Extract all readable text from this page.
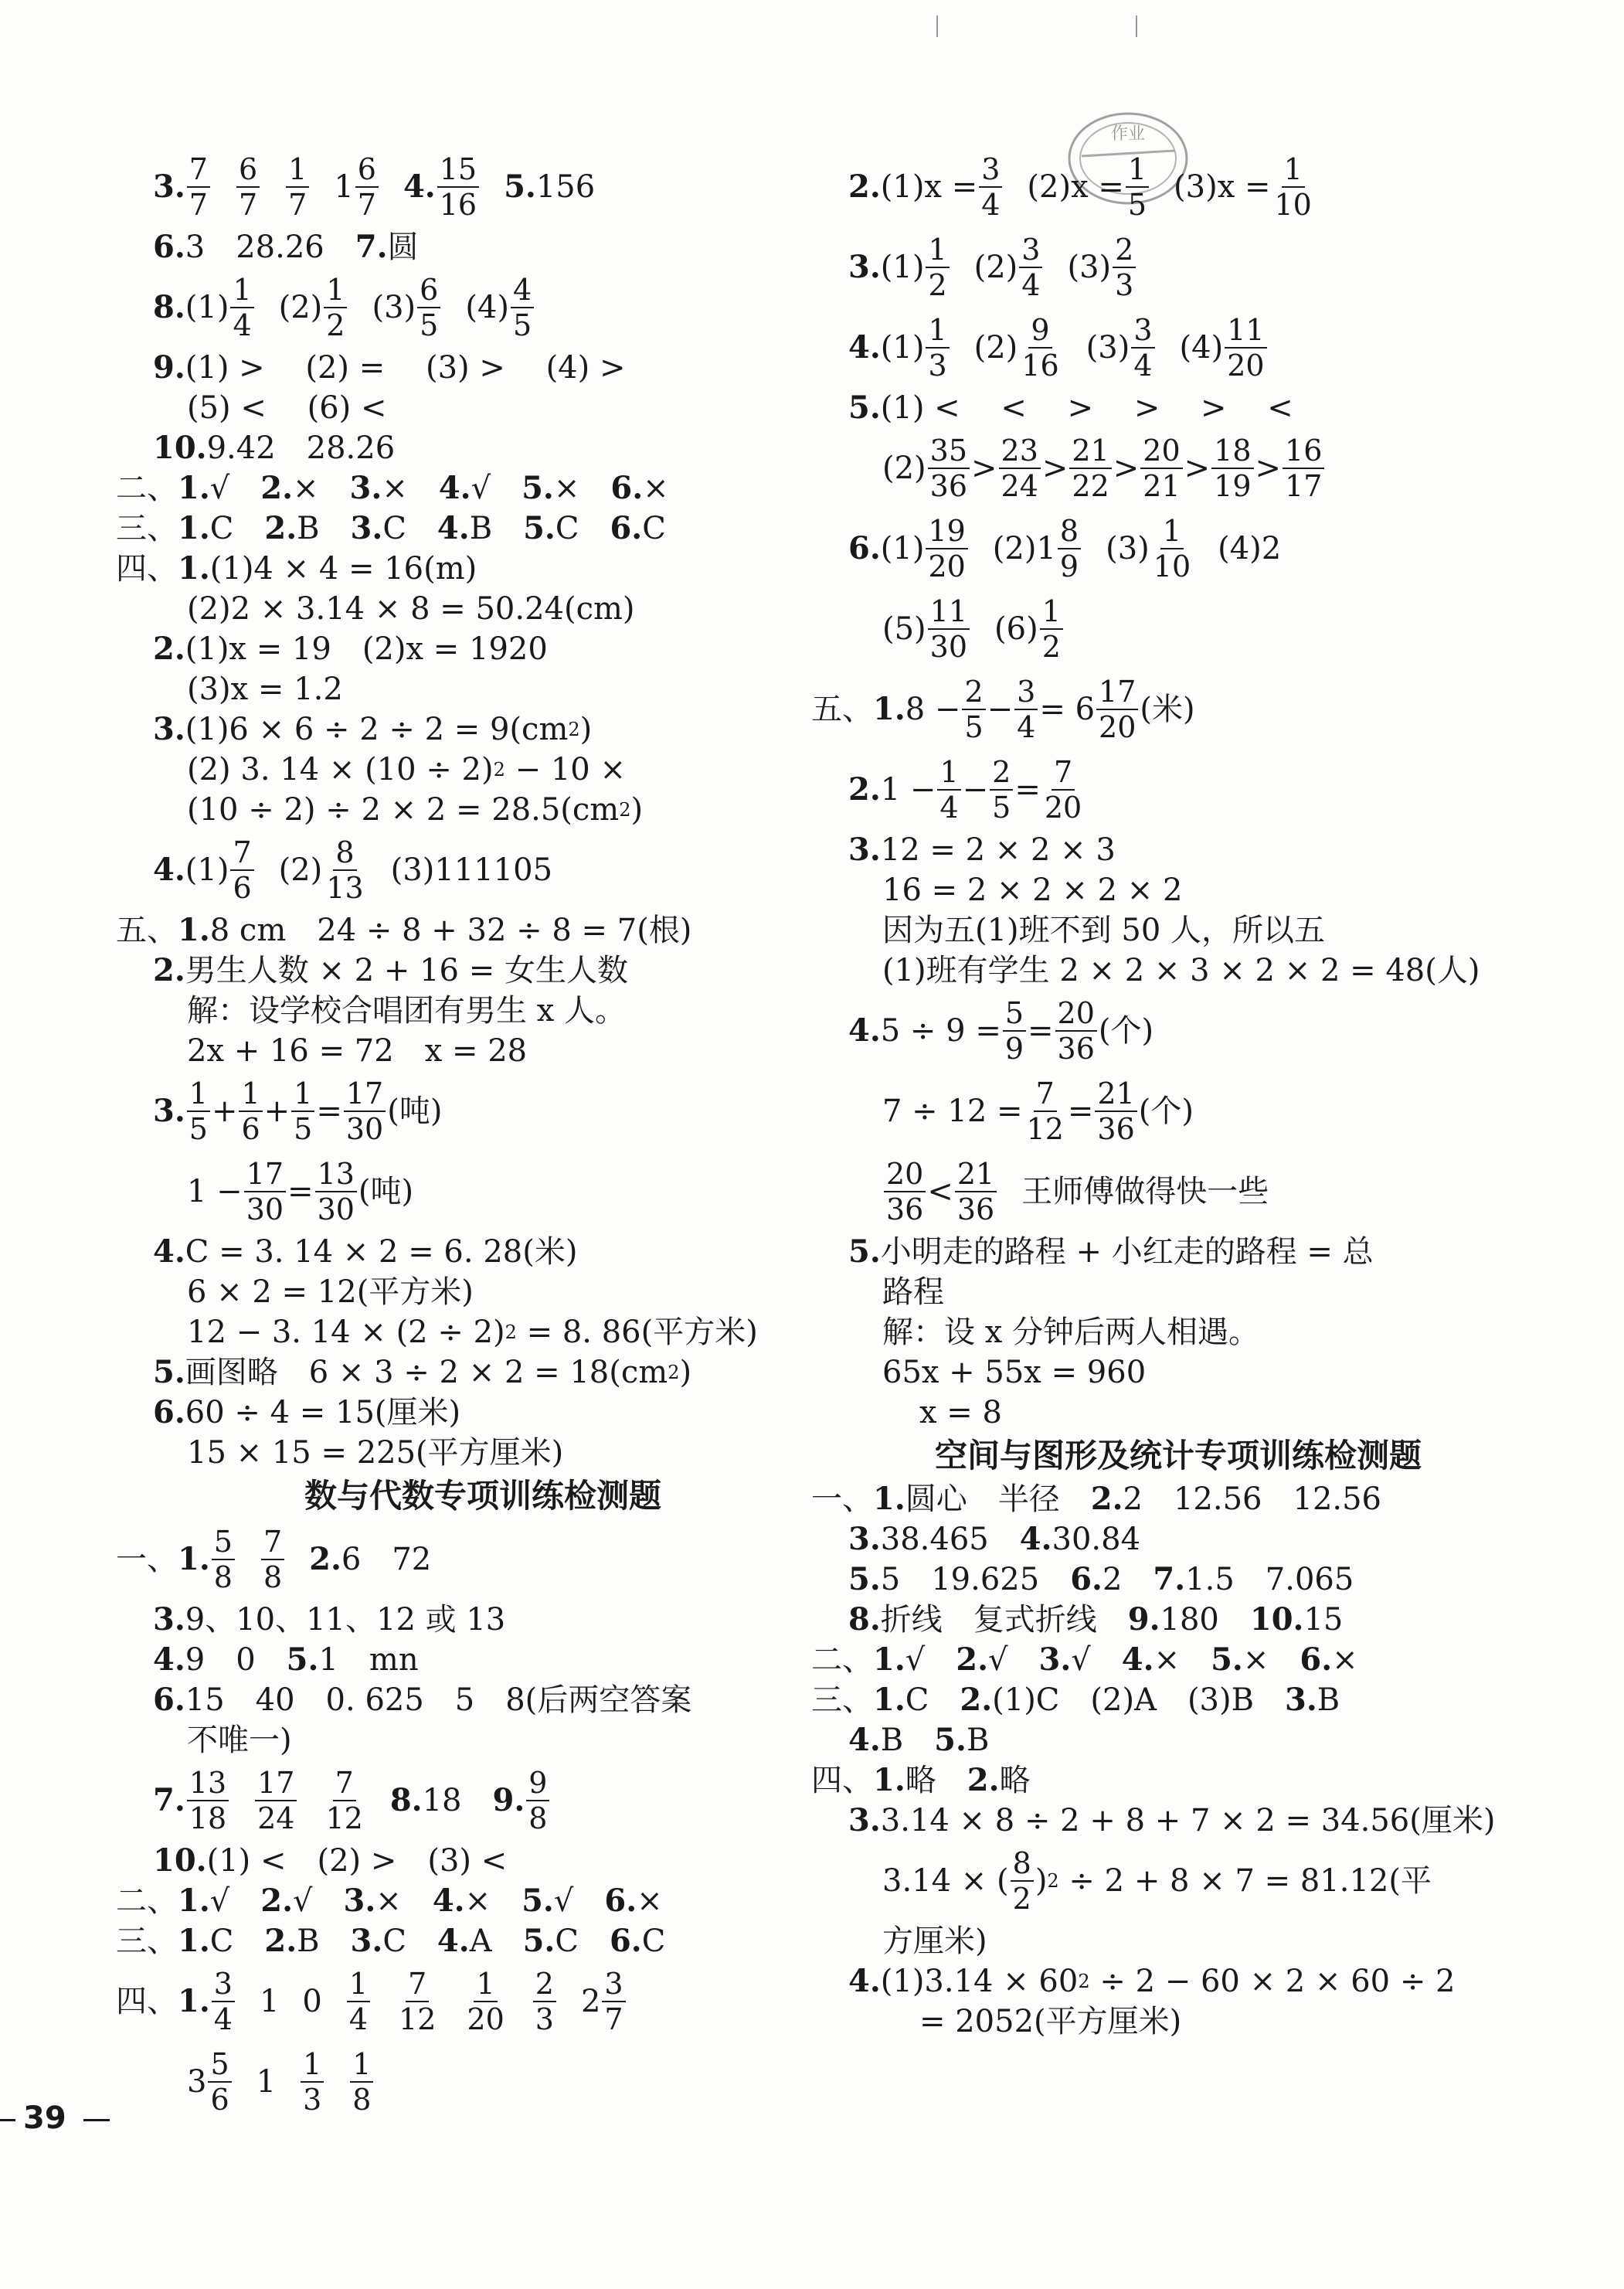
作业
3. $\frac{7}{7} \frac{6}{7} \frac{1}{7} 1 \frac{6}{7} 4$. $\frac{15}{16} 5$. 156
6. 3　28.26　 7. 圆
8. $(1) \frac{1}{4} (2) \frac{1}{2} (3) \frac{6}{5} (4) \frac{4}{5}$
9. (1) >　 (2) =　 (3) >　 (4) >
(5) <　 (6) <
10. 9.42　28.26
二、 1. √　 2. ×　 3. ×　 4. √　 5. ×　 6. ×
三、 1. C　 2. B　 3. C　 4. B　 5. C　 6. C
四、 1. (1)4 × 4 = 16(m)
(2)2 × 3.14 × 8 = 50.24(cm)
2. (1)x = 19　(2)x = 1920
(3)x = 1.2
3. (1)6 × 6 ÷ 2 ÷ 2 = 9(cm 2 )
(2) 3. 14 × (10 ÷ 2) 2 − 10 ×
(10 ÷ 2) ÷ 2 × 2 = 28.5(cm 2 )
4. $(1) \frac{7}{6} (2) \frac{8}{13} (3)111105$
五、 1. 8 cm　24 ÷ 8 + 32 ÷ 8 = 7(根)
2. 男生人数 × 2 + 16 = 女生人数
解：设学校合唱团有男生 x 人。
2x + 16 = 72　x = 28
3. $\frac{1}{5} + \frac{1}{6} + \frac{1}{5} = \frac{17}{30}$ (吨)
$1 - \frac{17}{30} = \frac{13}{30}$ (吨)
4. C = 3. 14 × 2 = 6. 28(米)
6 × 2 = 12(平方米)
12 − 3. 14 × (2 ÷ 2) 2 = 8. 86(平方米)
5. 画图略　6 × 3 ÷ 2 × 2 = 18(cm 2 )
6. 60 ÷ 4 = 15(厘米)
15 × 15 = 225(平方厘米)
数与代数专项训练检测题
一、 1. $\frac{5}{8} \frac{7}{8} 2$. 6　72
3. 9、10、11、12 或 13
4. 9　0　 5. 1　mn
6. 15　40　0. 625　5　8(后两空答案
不唯一)
7. $\frac{13}{18} \frac{17}{24} \frac{7}{12} 8$. 18　 9. $\frac{9}{8}$
10. (1) <　(2) >　(3) <
二、 1. √　 2. √　 3. ×　 4. ×　 5. √　 6. ×
三、 1. C　 2. B　 3. C　 4. A　 5. C　 6. C
四、 1. $\frac{3}{4} 1$ $0 \frac{1}{4} \frac{7}{12} \frac{1}{20} \frac{2}{3} 2 \frac{3}{7}$
$3 \frac{5}{6} 1 \frac{1}{3} \frac{1}{8}$
2. $(1)x = \frac{3}{4} (2)x = \frac{1}{5} (3)x = \frac{1}{10}$
3. $(1) \frac{1}{2} (2) \frac{3}{4} (3) \frac{2}{3}$
4. $(1) \frac{1}{3} (2) \frac{9}{16} (3) \frac{3}{4} (4) \frac{11}{20}$
5. (1) <　 <　 >　 >　 >　 <
$(2) \frac{35}{36} > \frac{23}{24} > \frac{21}{22} > \frac{20}{21} > \frac{18}{19} > \frac{16}{17}$
6. $(1) \frac{19}{20} (2)1 \frac{8}{9} (3) \frac{1}{10} (4)2$
$(5) \frac{11}{30} (6) \frac{1}{2}$
五、 1. $8 - \frac{2}{5} - \frac{3}{4} = 6 \frac{17}{20}$ (米)
2. $1 - \frac{1}{4} - \frac{2}{5} = \frac{7}{20}$
3. 12 = 2 × 2 × 3
16 = 2 × 2 × 2 × 2
因为五(1)班不到 50 人，所以五
(1)班有学生 2 × 2 × 3 × 2 × 2 = 48(人)
4. $5 \div 9 = \frac{5}{9} = \frac{20}{36}$ (个)
$7 \div 12 = \frac{7}{12} = \frac{21}{36}$ (个)
$\frac{20}{36} < \frac{21}{36}$ 王师傅做得快一些
5. 小明走的路程 + 小红走的路程 = 总
路程
解：设 x 分钟后两人相遇。
65x + 55x = 960
x = 8
空间与图形及统计专项训练检测题
一、 1. 圆心　半径　 2. 2　12.56　12.56
3. 38.465　 4. 30.84
5. 5　19.625　 6. 2　 7. 1.5　7.065
8. 折线　复式折线　 9. 180　 10. 15
二、 1. √　 2. √　 3. √　 4. ×　 5. ×　 6. ×
三、 1. C　 2. (1)C　(2)A　(3)B　 3. B
4. B　 5. B
四、 1. 略　 2. 略
3. 3.14 × 8 ÷ 2 + 8 + 7 × 2 = 34.56(厘米)
3.14 × ( $\frac{8}{2}$ ) 2 ÷ 2 + 8 × 7 = 81.12(平
方厘米)
4. (1)3.14 × 60 2 ÷ 2 − 60 × 2 × 60 ÷ 2
= 2052(平方厘米)
39
